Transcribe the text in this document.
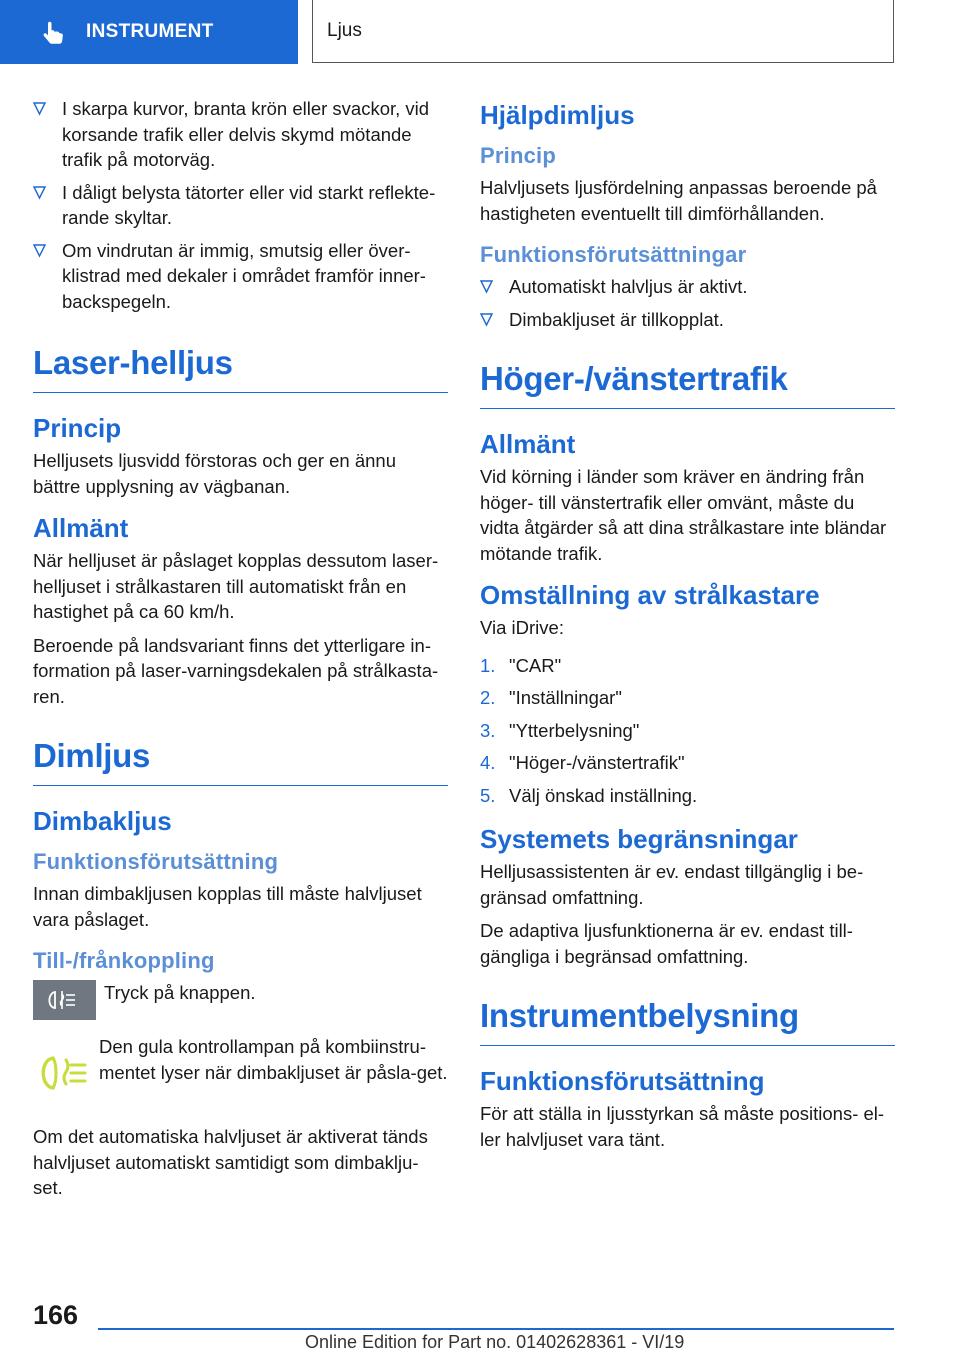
INSTRUMENT	Ljus
I skarpa kurvor, branta krön eller svackor, vid korsande trafik eller delvis skymd mötande trafik på motorväg.
I dåligt belysta tätorter eller vid starkt reflekte-rande skyltar.
Om vindrutan är immig, smutsig eller över-klistrad med dekaler i området framför inner-backspegeln.
Laser-helljus
Princip

Helljusets ljusvidd förstoras och ger en ännu bättre upplysning av vägbanan.

Allmänt

När helljuset är påslaget kopplas dessutom laser-helljuset i strålkastaren till automatiskt från en hastighet på ca 60 km/h.

Beroende på landsvariant finns det ytterligare in-formation på laser-varningsdekalen på strålkasta-ren.

Dimljus
Dimbakljus
Funktionsförutsättning

Innan dimbakljusen kopplas till måste halvljuset vara påslaget.

Till-/frånkoppling

Tryck på knappen.

Den gula kontrollampan på kombiinstru-mentet lyser när dimbakljuset är påsla-get.

Om det automatiska halvljuset är aktiverat tänds halvljuset automatiskt samtidigt som dimbaklju-set.

Hjälpdimljus
Princip

Halvljusets ljusfördelning anpassas beroende på hastigheten eventuellt till dimförhållanden.

Funktionsförutsättningar
Automatiskt halvljus är aktivt.
Dimbakljuset är tillkopplat.
Höger-/vänstertrafik
Allmänt

Vid körning i länder som kräver en ändring från höger- till vänstertrafik eller omvänt, måste du vidta åtgärder så att dina strålkastare inte bländar mötande trafik.

Omställning av strålkastare

Via iDrive:

1. "CAR"
2. "Inställningar"
3. "Ytterbelysning"
4. "Höger-/vänstertrafik"
5. Välj önskad inställning.
Systemets begränsningar

Helljusassistenten är ev. endast tillgänglig i be-gränsad omfattning.

De adaptiva ljusfunktionerna är ev. endast till-gängliga i begränsad omfattning.

Instrumentbelysning
Funktionsförutsättning

För att ställa in ljusstyrkan så måste positions- el-ler halvljuset vara tänt.

166
Online Edition for Part no. 01402628361 - VI/19
